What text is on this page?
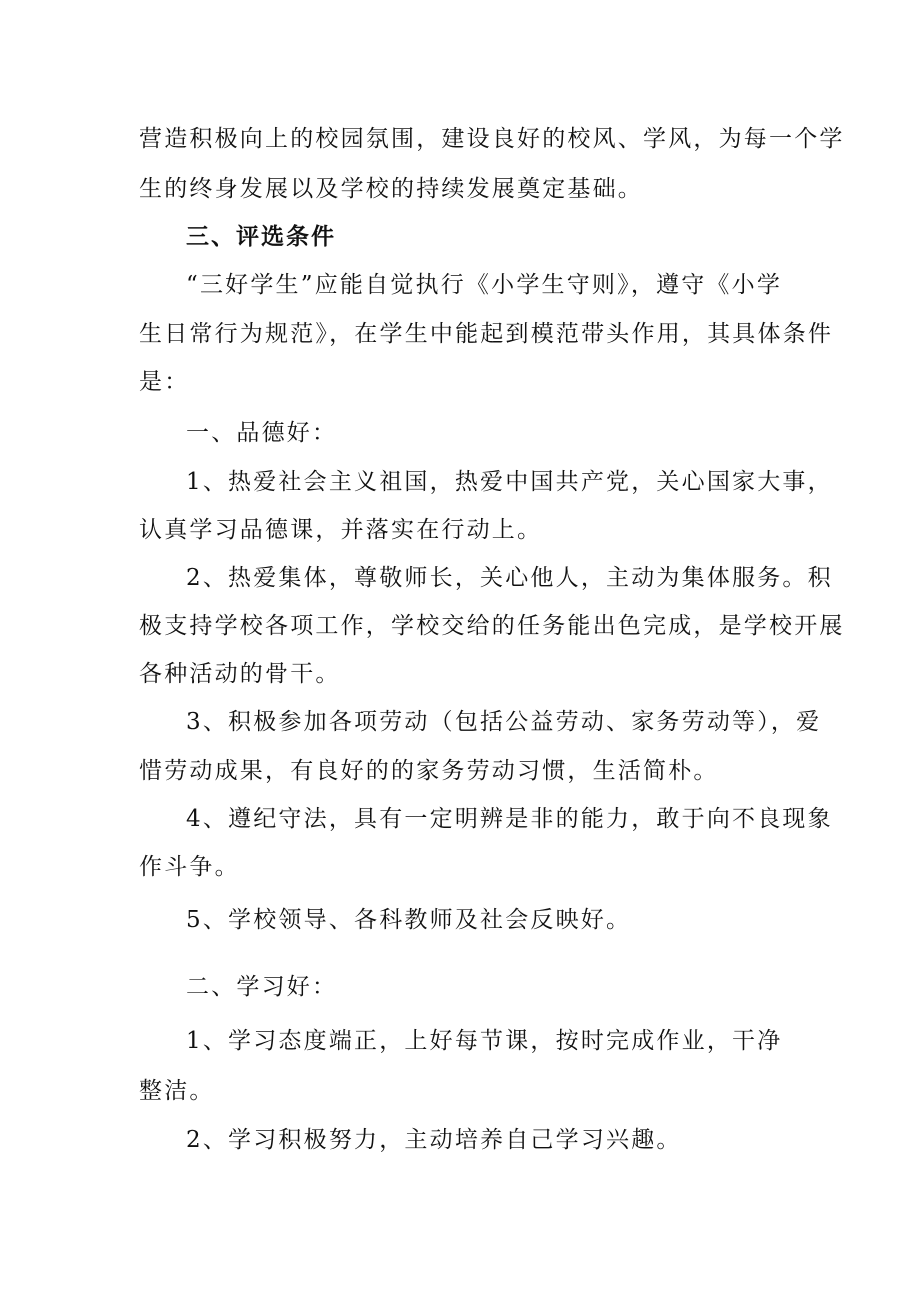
营造积极向上的校园氛围，建设良好的校风、学风，为每一个学

生的终身发展以及学校的持续发展奠定基础。

三、评选条件

“三好学生”应能自觉执行《小学生守则》，遵守《小学

生日常行为规范》，在学生中能起到模范带头作用，其具体条件

是：

一、品德好：

1、热爱社会主义祖国，热爱中国共产党，关心国家大事，

认真学习品德课，并落实在行动上。

2、热爱集体，尊敬师长，关心他人，主动为集体服务。积

极支持学校各项工作，学校交给的任务能出色完成，是学校开展

各种活动的骨干。

3、积极参加各项劳动（包括公益劳动、家务劳动等），爱

惜劳动成果，有良好的的家务劳动习惯，生活简朴。

4、遵纪守法，具有一定明辨是非的能力，敢于向不良现象

作斗争。

5、学校领导、各科教师及社会反映好。

二、学习好：

1、学习态度端正，上好每节课，按时完成作业，干净

整洁。

2、学习积极努力，主动培养自己学习兴趣。
